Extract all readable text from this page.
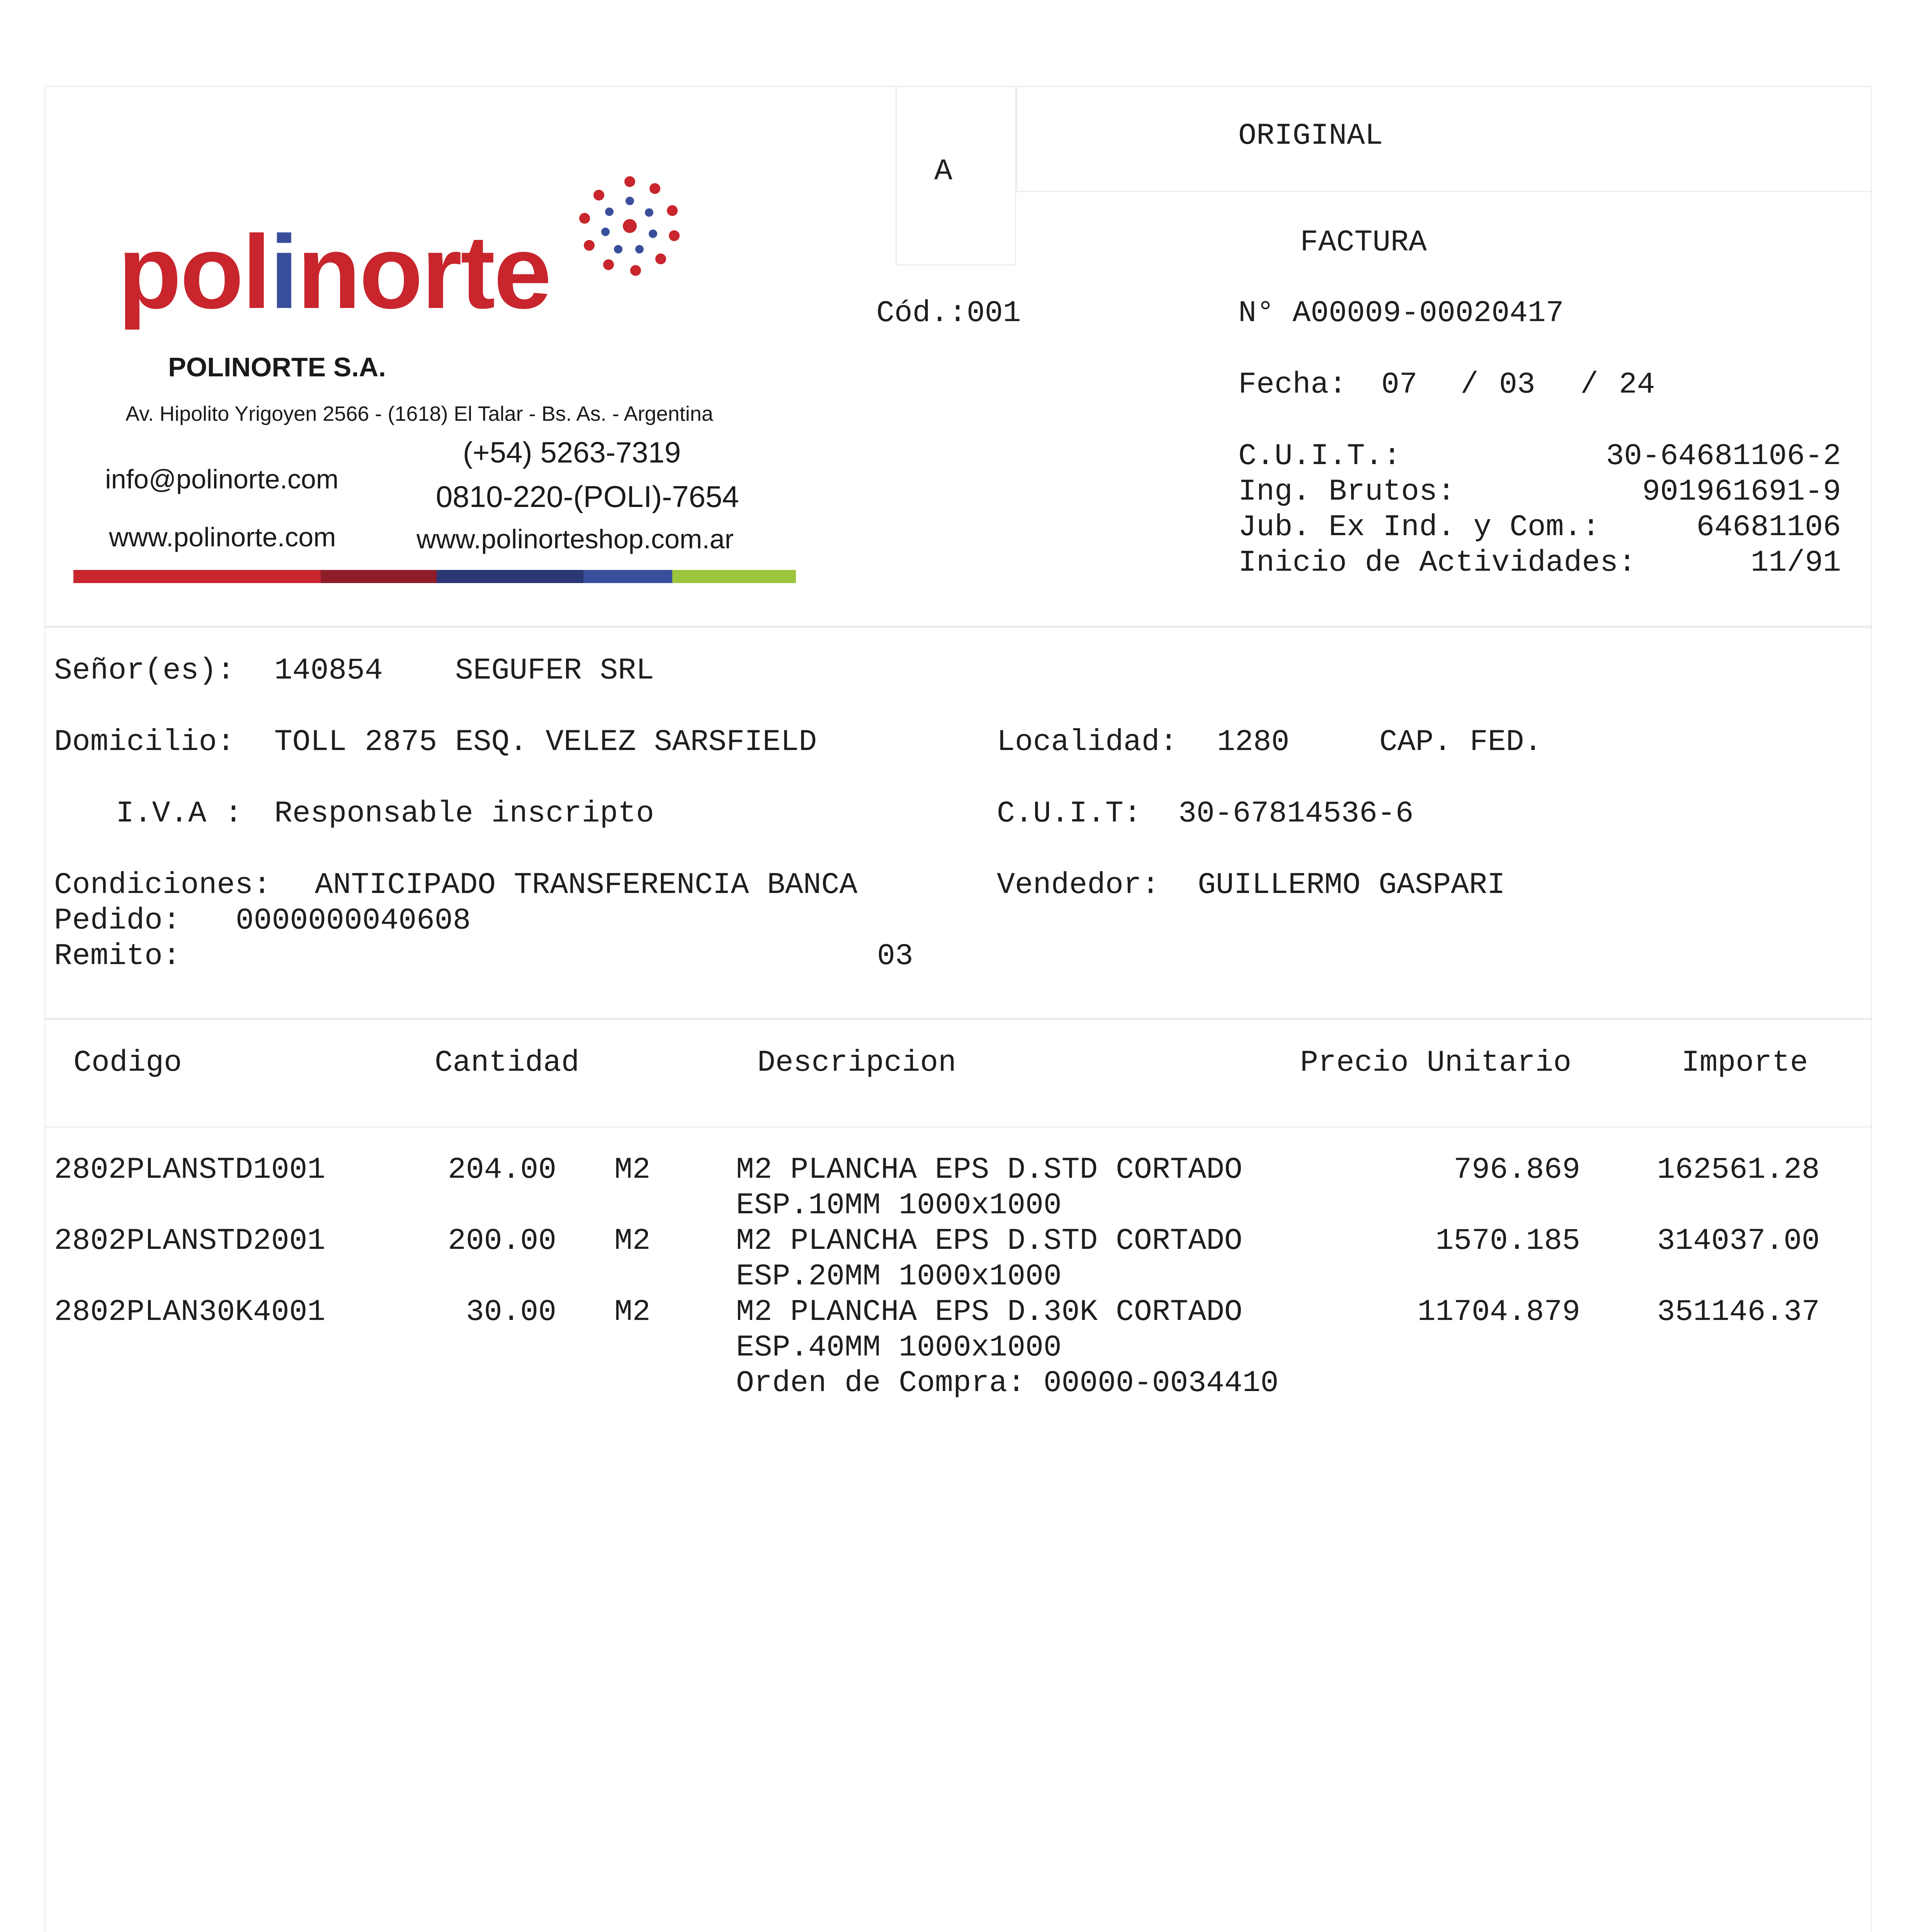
polinorte
POLINORTE S.A.
Av. Hipolito Yrigoyen 2566 - (1618) El Talar - Bs. As. - Argentina
(+54) 5263-7319
info@polinorte.com
0810-220-(POLI)-7654
www.polinorte.com	www.polinorteshop.com.ar
A
ORIGINAL
FACTURA
Cód.:001	N° A00009-00020417
Fecha: 07 / 03 / 24
C.U.I.T.:	30-64681106-2
Ing. Brutos:	901961691-9
Jub. Ex Ind. y Com.:	64681106
Inicio de Actividades:	11/91
Señor(es): 140854 SEGUFER SRL
Domicilio: TOLL 2875 ESQ. VELEZ SARSFIELD	Localidad: 1280	CAP. FED.
I.V.A : Responsable inscripto	C.U.I.T: 30-67814536-6
Condiciones: ANTICIPADO TRANSFERENCIA BANCA	Vendedor: GUILLERMO GASPARI
Pedido: 0000000040608
Remito:	03
Codigo	Cantidad	Descripcion	Precio Unitario	Importe
2802PLANSTD1001	204.00 M2	M2 PLANCHA EPS D.STD CORTADO
ESP.10MM 1000x1000
796.869	162561.28
2802PLANSTD2001	200.00 M2	M2 PLANCHA EPS D.STD CORTADO
ESP.20MM 1000x1000
1570.185	314037.00
2802PLAN30K4001	30.00 M2	M2 PLANCHA EPS D.30K CORTADO
ESP.40MM 1000x1000
11704.879	351146.37
Orden de Compra: 00000-0034410
